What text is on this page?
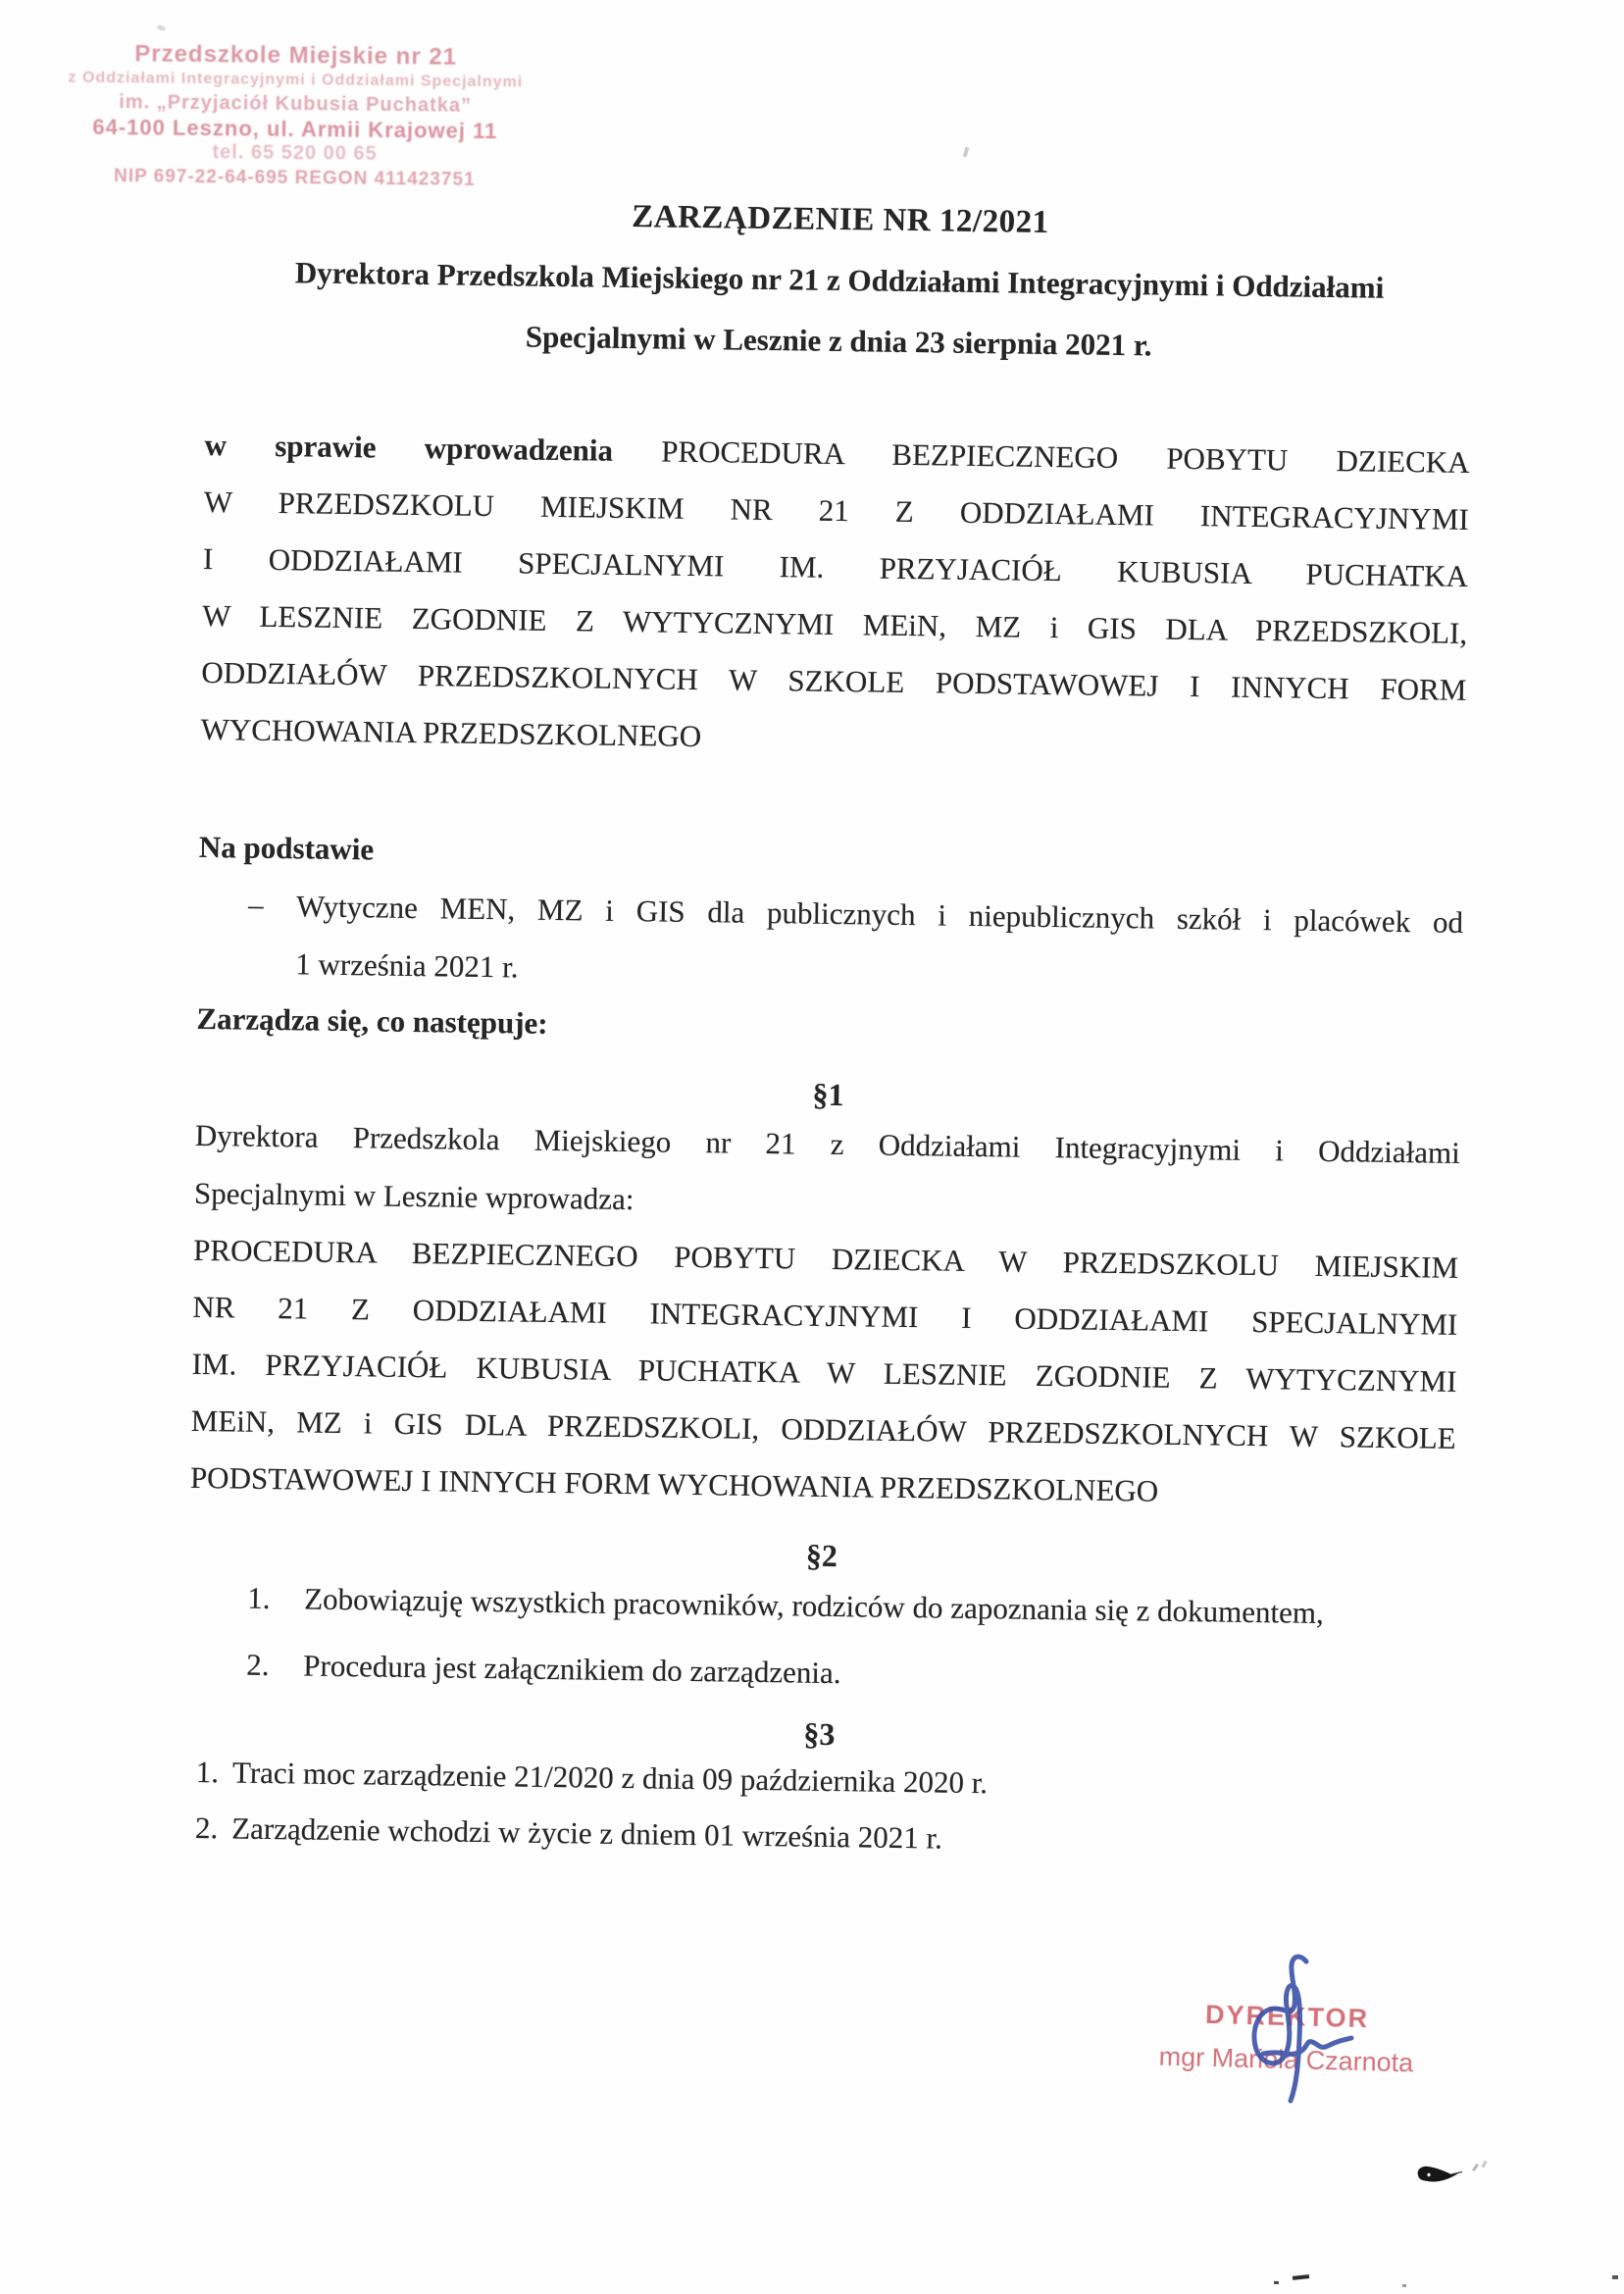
Przedszkole Miejskie nr 21
z Oddziałami Integracyjnymi i Oddziałami Specjalnymi
im. „Przyjaciół Kubusia Puchatka”
64-100 Leszno, ul. Armii Krajowej 11
tel. 65 520 00 65
NIP 697-22-64-695 REGON 411423751
ZARZĄDZENIE NR 12/2021
Dyrektora Przedszkola Miejskiego nr 21 z Oddziałami Integracyjnymi i Oddziałami
Specjalnymi w Lesznie z dnia 23 sierpnia 2021 r.
w sprawie wprowadzenia PROCEDURA BEZPIECZNEGO POBYTU DZIECKA
W PRZEDSZKOLU MIEJSKIM NR 21 Z ODDZIAŁAMI INTEGRACYJNYMI
I ODDZIAŁAMI SPECJALNYMI IM. PRZYJACIÓŁ KUBUSIA PUCHATKA
W LESZNIE ZGODNIE Z WYTYCZNYMI MEiN, MZ i GIS DLA PRZEDSZKOLI,
ODDZIAŁÓW PRZEDSZKOLNYCH W SZKOLE PODSTAWOWEJ I INNYCH FORM
WYCHOWANIA PRZEDSZKOLNEGO
Na podstawie
– Wytyczne MEN, MZ i GIS dla publicznych i niepublicznych szkół i placówek od
1 września 2021 r.
Zarządza się, co następuje:
§1
Dyrektora Przedszkola Miejskiego nr 21 z Oddziałami Integracyjnymi i Oddziałami
Specjalnymi w Lesznie wprowadza:
PROCEDURA BEZPIECZNEGO POBYTU DZIECKA W PRZEDSZKOLU MIEJSKIM
NR 21 Z ODDZIAŁAMI INTEGRACYJNYMI I ODDZIAŁAMI SPECJALNYMI
IM. PRZYJACIÓŁ KUBUSIA PUCHATKA W LESZNIE ZGODNIE Z WYTYCZNYMI
MEiN, MZ i GIS DLA PRZEDSZKOLI, ODDZIAŁÓW PRZEDSZKOLNYCH W SZKOLE
PODSTAWOWEJ I INNYCH FORM WYCHOWANIA PRZEDSZKOLNEGO
§2
1. Zobowiązuję wszystkich pracowników, rodziców do zapoznania się z dokumentem,
2. Procedura jest załącznikiem do zarządzenia.
§3
1. Traci moc zarządzenie 21/2020 z dnia 09 października 2020 r.
2. Zarządzenie wchodzi w życie z dniem 01 września 2021 r.
DYREKTOR
mgr Mariola Czarnota
